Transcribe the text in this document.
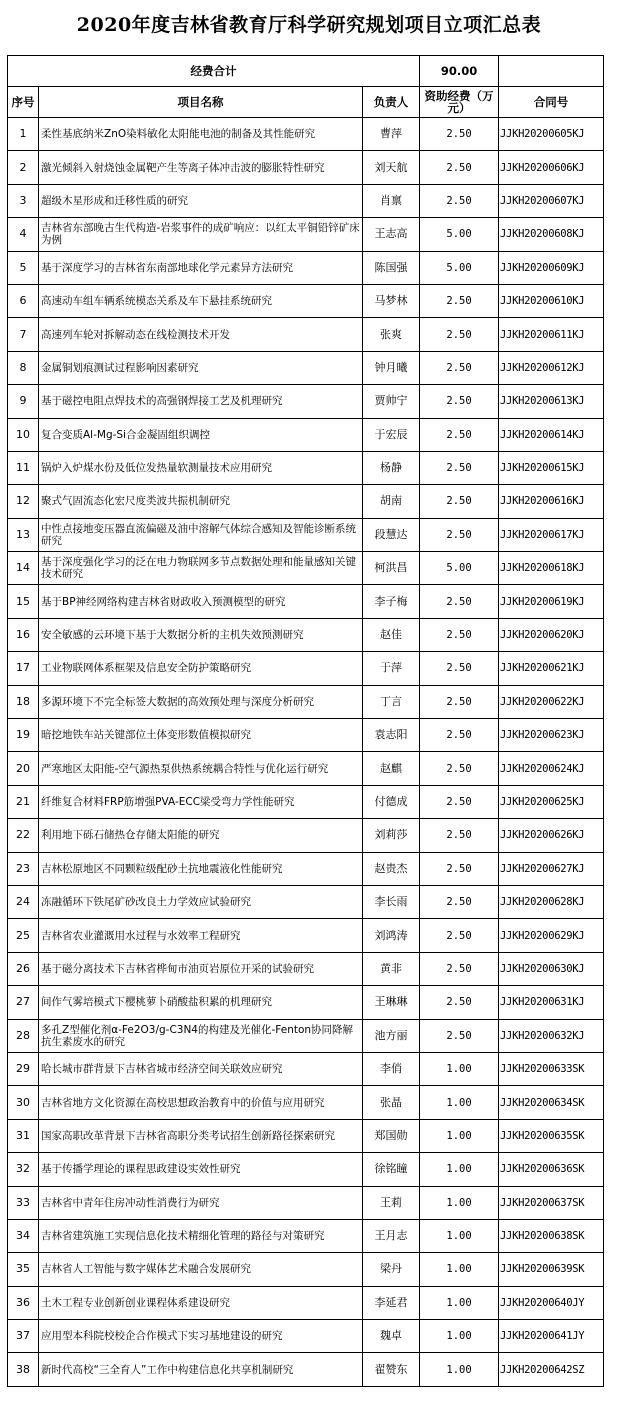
2020年度吉林省教育厅科学研究规划项目立项汇总表
经费合计			90.00	
序号	项目名称	负责人	资助经费（万元）	合同号
1	柔性基底纳米ZnO染料敏化太阳能电池的制备及其性能研究	曹萍	2.50	JJKH20200605KJ
2	激光倾斜入射烧蚀金属靶产生等离子体冲击波的膨胀特性研究	刘天航	2.50	JJKH20200606KJ
3	超级木星形成和迁移性质的研究	肖禀	2.50	JJKH20200607KJ
4	吉林省东部晚古生代构造-岩浆事件的成矿响应：以红太平铜铅锌矿床为例	王志高	5.00	JJKH20200608KJ
5	基于深度学习的吉林省东南部地球化学元素异方法研究	陈国强	5.00	JJKH20200609KJ
6	高速动车组车辆系统模态关系及车下悬挂系统研究	马梦林	2.50	JJKH20200610KJ
7	高速列车轮对拆解动态在线检测技术开发	张爽	2.50	JJKH20200611KJ
8	金属铜划痕测试过程影响因素研究	钟月曦	2.50	JJKH20200612KJ
9	基于磁控电阻点焊技术的高强钢焊接工艺及机理研究	贾帅宁	2.50	JJKH20200613KJ
10	复合变质Al-Mg-Si合金凝固组织调控	于宏辰	2.50	JJKH20200614KJ
11	锅炉入炉煤水份及低位发热量软测量技术应用研究	杨静	2.50	JJKH20200615KJ
12	聚式气固流态化宏尺度类波共振机制研究	胡南	2.50	JJKH20200616KJ
13	中性点接地变压器直流偏磁及油中溶解气体综合感知及智能诊断系统研究	段慧达	2.50	JJKH20200617KJ
14	基于深度强化学习的泛在电力物联网多节点数据处理和能量感知关键技术研究	柯洪昌	5.00	JJKH20200618KJ
15	基于BP神经网络构建吉林省财政收入预测模型的研究	李子梅	2.50	JJKH20200619KJ
16	安全敏感的云环境下基于大数据分析的主机失效预测研究	赵佳	2.50	JJKH20200620KJ
17	工业物联网体系框架及信息安全防护策略研究	于萍	2.50	JJKH20200621KJ
18	多源环境下不完全标签大数据的高效预处理与深度分析研究	丁言	2.50	JJKH20200622KJ
19	暗挖地铁车站关键部位土体变形数值模拟研究	袁志阳	2.50	JJKH20200623KJ
20	严寒地区太阳能-空气源热泵供热系统耦合特性与优化运行研究	赵麒	2.50	JJKH20200624KJ
21	纤维复合材料FRP筋增强PVA-ECC梁受弯力学性能研究	付德成	2.50	JJKH20200625KJ
22	利用地下砾石储热仓存储太阳能的研究	刘莉莎	2.50	JJKH20200626KJ
23	吉林松原地区不同颗粒级配砂土抗地震液化性能研究	赵贵杰	2.50	JJKH20200627KJ
24	冻融循环下铁尾矿砂改良土力学效应试验研究	李长雨	2.50	JJKH20200628KJ
25	吉林省农业灌溉用水过程与水效率工程研究	刘鸿涛	2.50	JJKH20200629KJ
26	基于磁分离技术下吉林省桦甸市油页岩原位开采的试验研究	黄非	2.50	JJKH20200630KJ
27	间作气雾培模式下樱桃萝卜硝酸盐积累的机理研究	王琳琳	2.50	JJKH20200631KJ
28	多孔Z型催化剂α-Fe2O3/g-C3N4的构建及光催化-Fenton协同降解抗生素废水的研究	池方丽	2.50	JJKH20200632KJ
29	哈长城市群背景下吉林省城市经济空间关联效应研究	李俏	1.00	JJKH20200633SK
30	吉林省地方文化资源在高校思想政治教育中的价值与应用研究	张晶	1.00	JJKH20200634SK
31	国家高职改革背景下吉林省高职分类考试招生创新路径探索研究	郑国勋	1.00	JJKH20200635SK
32	基于传播学理论的课程思政建设实效性研究	徐铭瞳	1.00	JJKH20200636SK
33	吉林省中青年住房冲动性消费行为研究	王莉	1.00	JJKH20200637SK
34	吉林省建筑施工实现信息化技术精细化管理的路径与对策研究	王月志	1.00	JJKH20200638SK
35	吉林省人工智能与数字媒体艺术融合发展研究	梁丹	1.00	JJKH20200639SK
36	土木工程专业创新创业课程体系建设研究	李延君	1.00	JJKH20200640JY
37	应用型本科院校校企合作模式下实习基地建设的研究	魏卓	1.00	JJKH20200641JY
38	新时代高校“三全育人”工作中构建信息化共享机制研究	翟赞东	1.00	JJKH20200642SZ
